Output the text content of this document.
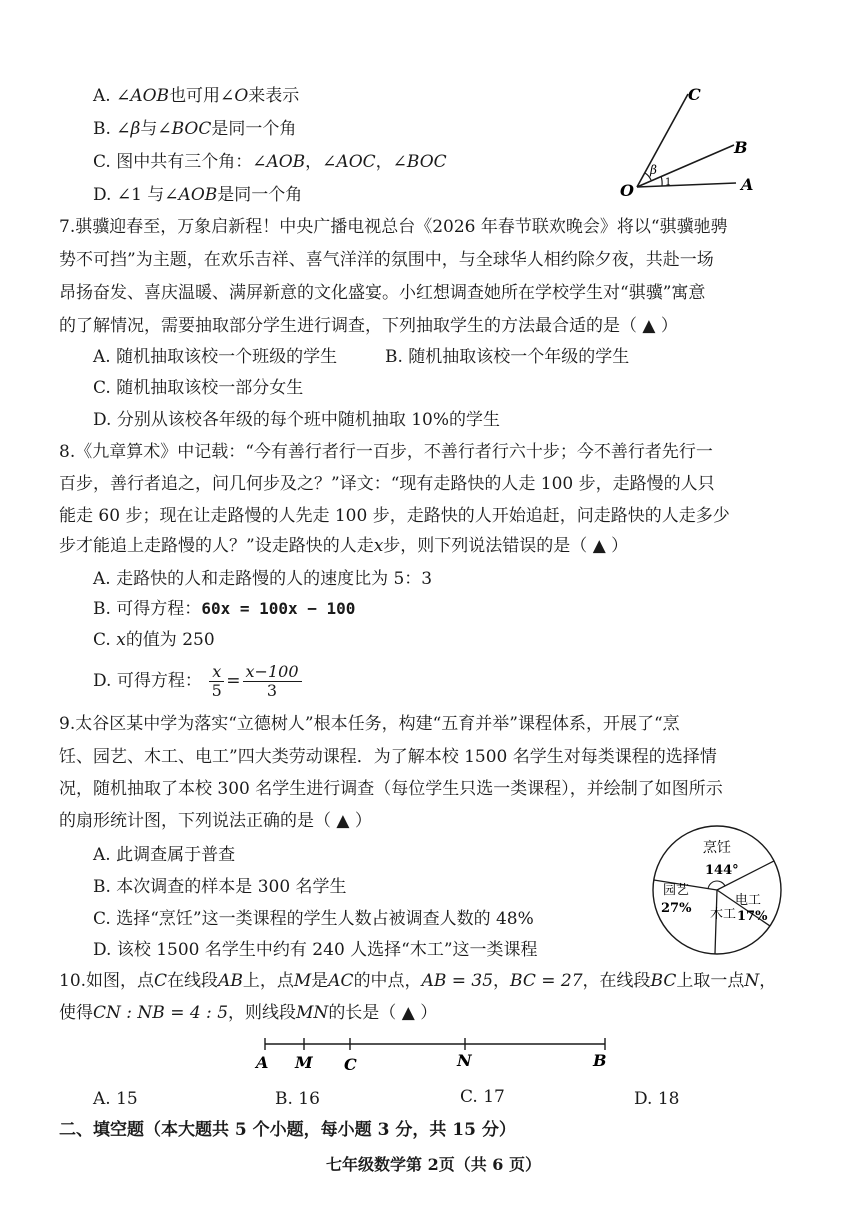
A. ∠AOB也可用∠O来表示
B. ∠β与∠BOC是同一个角
C. 图中共有三个角：∠AOB，∠AOC，∠BOC
D. ∠1 与∠AOB是同一个角
C
B
A
O
β
1
7.骐骥迎春至，万象启新程！中央广播电视总台《2026 年春节联欢晚会》将以“骐骥驰骋
势不可挡”为主题，在欢乐吉祥、喜气洋洋的氛围中，与全球华人相约除夕夜，共赴一场
昂扬奋发、喜庆温暖、满屏新意的文化盛宴。小红想调查她所在学校学生对“骐骥”寓意
的了解情况，需要抽取部分学生进行调查，下列抽取学生的方法最合适的是（ ▲ ）
A. 随机抽取该校一个班级的学生	B. 随机抽取该校一个年级的学生
C. 随机抽取该校一部分女生
D. 分别从该校各年级的每个班中随机抽取 10%的学生
8.《九章算术》中记载：“今有善行者行一百步，不善行者行六十步；今不善行者先行一
百步，善行者追之，问几何步及之？”译文：“现有走路快的人走 100 步，走路慢的人只
能走 60 步；现在让走路慢的人先走 100 步，走路快的人开始追赶，问走路快的人走多少
步才能追上走路慢的人？”设走路快的人走x步，则下列说法错误的是（ ▲ ）
A. 走路快的人和走路慢的人的速度比为 5：3
B. 可得方程：60x = 100x − 100
C. x的值为 250
D. 可得方程： $\frac{x}{5} = \frac{x-100}{3}$
9.太谷区某中学为落实“立德树人”根本任务，构建“五育并举”课程体系，开展了“烹
饪、园艺、木工、电工”四大类劳动课程．为了解本校 1500 名学生对每类课程的选择情
况，随机抽取了本校 300 名学生进行调查（每位学生只选一类课程），并绘制了如图所示
的扇形统计图，下列说法正确的是（ ▲ ）
A. 此调查属于普查
B. 本次调查的样本是 300 名学生
C. 选择“烹饪”这一类课程的学生人数占被调查人数的 48%
D. 该校 1500 名学生中约有 240 人选择“木工”这一类课程
烹饪
144°
电工
17%
木工
园艺
27%
10.如图，点C在线段AB上，点M是AC的中点，AB = 35，BC = 27，在线段BC上取一点N，
使得CN : NB = 4 : 5，则线段MN的长是（ ▲ ）
A M C	N	B
A. 15	B. 16	C. 17	D. 18
二、填空题（本大题共 5 个小题，每小题 3 分，共 15 分）
七年级数学第 2页（共 6 页）
